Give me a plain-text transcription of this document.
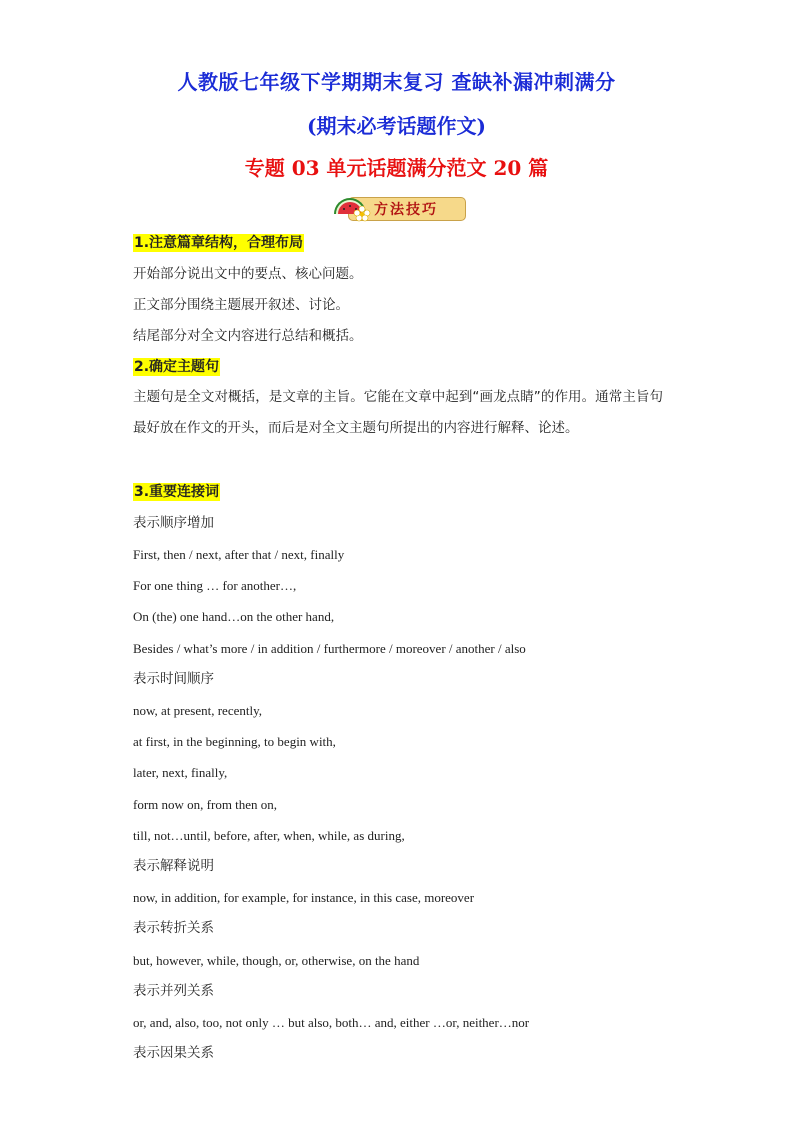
人教版七年级下学期期末复习 查缺补漏冲刺满分
(期末必考话题作文)
专题 03 单元话题满分范文 20 篇
方法技巧
1.注意篇章结构，合理布局
开始部分说出文中的要点、核心问题。
正文部分围绕主题展开叙述、讨论。
结尾部分对全文内容进行总结和概括。
2.确定主题句
主题句是全文对概括，是文章的主旨。它能在文章中起到“画龙点睛”的作用。通常主旨句最好放在作文的开头，而后是对全文主题句所提出的内容进行解释、论述。
3.重要连接词
表示顺序增加
First, then / next, after that / next, finally
For one thing … for another…,
On (the) one hand…on the other hand,
Besides / what’s more / in addition / furthermore / moreover / another / also
表示时间顺序
now, at present, recently,
at first, in the beginning, to begin with,
later, next, finally,
form now on, from then on,
till, not…until, before, after, when, while, as during,
表示解释说明
now, in addition, for example, for instance, in this case, moreover
表示转折关系
but, however, while, though, or, otherwise, on the hand
表示并列关系
or, and, also, too, not only … but also, both… and, either …or, neither…nor
表示因果关系
